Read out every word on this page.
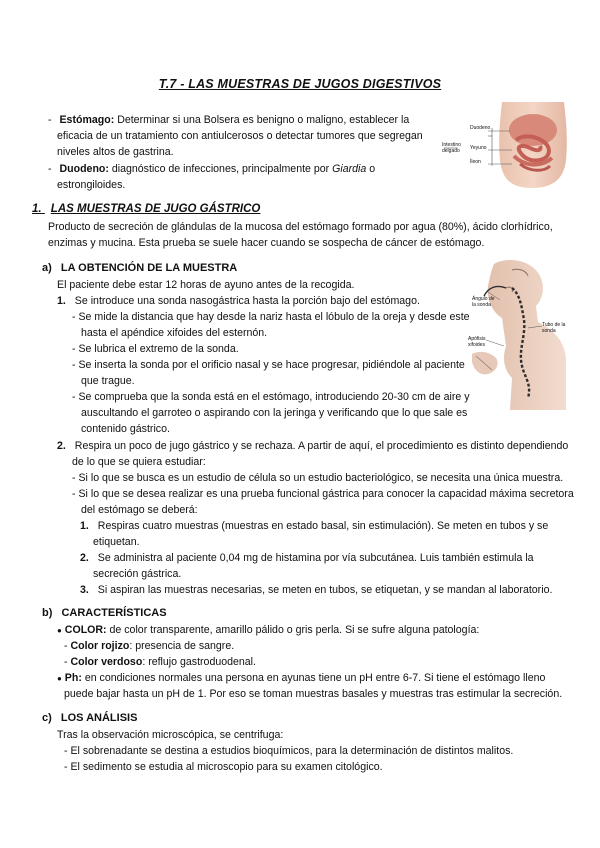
T.7 - LAS MUESTRAS DE JUGOS DIGESTIVOS
- Estómago: Determinar si una Bolsera es benigno o maligno, establecer la
eficacia de un tratamiento con antiulcerosos o detectar tumores que segregan
niveles altos de gastrina.
- Duodeno: diagnóstico de infecciones, principalmente por Giardia o
estrongiloides.
Duodeno
Intestino delgado	Yeyuno
Íleon
1. LAS MUESTRAS DE JUGO GÁSTRICO
Producto de secreción de glándulas de la mucosa del estómago formado por agua (80%), ácido clorhídrico,
enzimas y mucina. Esta prueba se suele hacer cuando se sospecha de cáncer de estómago.
a) LA OBTENCIÓN DE LA MUESTRA
El paciente debe estar 12 horas de ayuno antes de la recogida.
1. Se introduce una sonda nasogástrica hasta la porción bajo del estómago.
- Se mide la distancia que hay desde la nariz hasta el lóbulo de la oreja y desde este
hasta el apéndice xifoides del esternón.
- Se lubrica el extremo de la sonda.
- Se inserta la sonda por el orificio nasal y se hace progresar, pidiéndole al paciente
que trague.
- Se comprueba que la sonda está en el estómago, introduciendo 20-30 cm de aire y
auscultando el garroteo o aspirando con la jeringa y verificando que lo que sale es
contenido gástrico.
2. Respira un poco de jugo gástrico y se rechaza. A partir de aquí, el procedimiento es distinto dependiendo
de lo que se quiera estudiar:
- Si lo que se busca es un estudio de célula so un estudio bacteriológico, se necesita una única muestra.
- Si lo que se desea realizar es una prueba funcional gástrica para conocer la capacidad máxima secretora
del estómago se deberá:
1. Respiras cuatro muestras (muestras en estado basal, sin estimulación). Se meten en tubos y se
etiquetan.
2. Se administra al paciente 0,04 mg de histamina por vía subcutánea. Luis también estimula la
secreción gástrica.
3. Si aspiran las muestras necesarias, se meten en tubos, se etiquetan, y se mandan al laboratorio.
Ángulo de la sonda
Apófisis xifoides
Tubo de la sonda
b) CARACTERÍSTICAS
● COLOR: de color transparente, amarillo pálido o gris perla. Si se sufre alguna patología:
- Color rojizo: presencia de sangre.
- Color verdoso: reflujo gastroduodenal.
● Ph: en condiciones normales una persona en ayunas tiene un pH entre 6-7. Si tiene el estómago lleno
puede bajar hasta un pH de 1. Por eso se toman muestras basales y muestras tras estimular la secreción.
c) LOS ANÁLISIS
Tras la observación microscópica, se centrifuga:
- El sobrenadante se destina a estudios bioquímicos, para la determinación de distintos malitos.
- El sedimento se estudia al microscopio para su examen citológico.
